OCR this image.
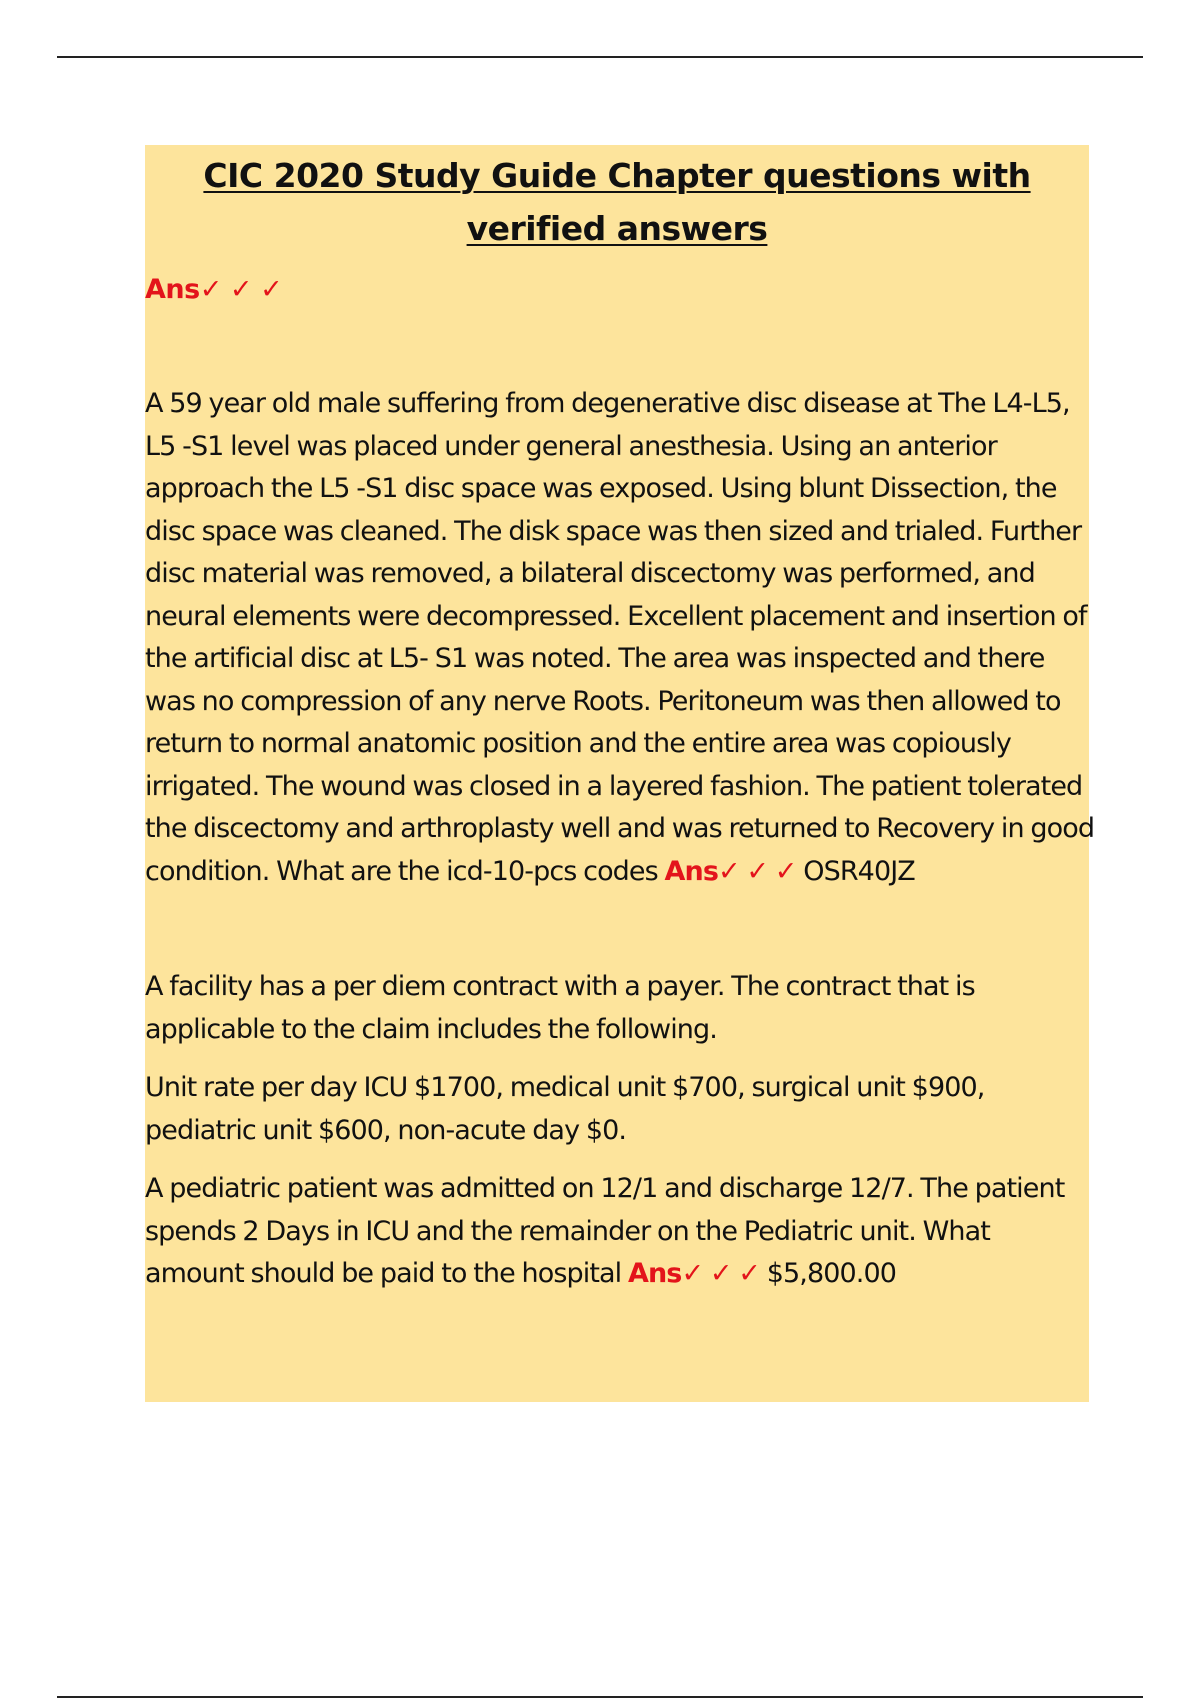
CIC 2020 Study Guide Chapter questions with verified answers

Ans✓ ✓ ✓

A 59 year old male suffering from degenerative disc disease at The L4-L5, L5 -S1 level was placed under general anesthesia. Using an anterior approach the L5 -S1 disc space was exposed. Using blunt Dissection, the disc space was cleaned. The disk space was then sized and trialed. Further disc material was removed, a bilateral discectomy was performed, and neural elements were decompressed. Excellent placement and insertion of the artificial disc at L5- S1 was noted. The area was inspected and there was no compression of any nerve Roots. Peritoneum was then allowed to return to normal anatomic position and the entire area was copiously irrigated. The wound was closed in a layered fashion. The patient tolerated the discectomy and arthroplasty well and was returned to Recovery in good condition. What are the icd-10-pcs codes Ans✓ ✓ ✓ OSR40JZ

A facility has a per diem contract with a payer. The contract that is applicable to the claim includes the following.

Unit rate per day ICU $1700, medical unit $700, surgical unit $900, pediatric unit $600, non-acute day $0.

A pediatric patient was admitted on 12/1 and discharge 12/7. The patient spends 2 Days in ICU and the remainder on the Pediatric unit. What amount should be paid to the hospital Ans✓ ✓ ✓ $5,800.00
